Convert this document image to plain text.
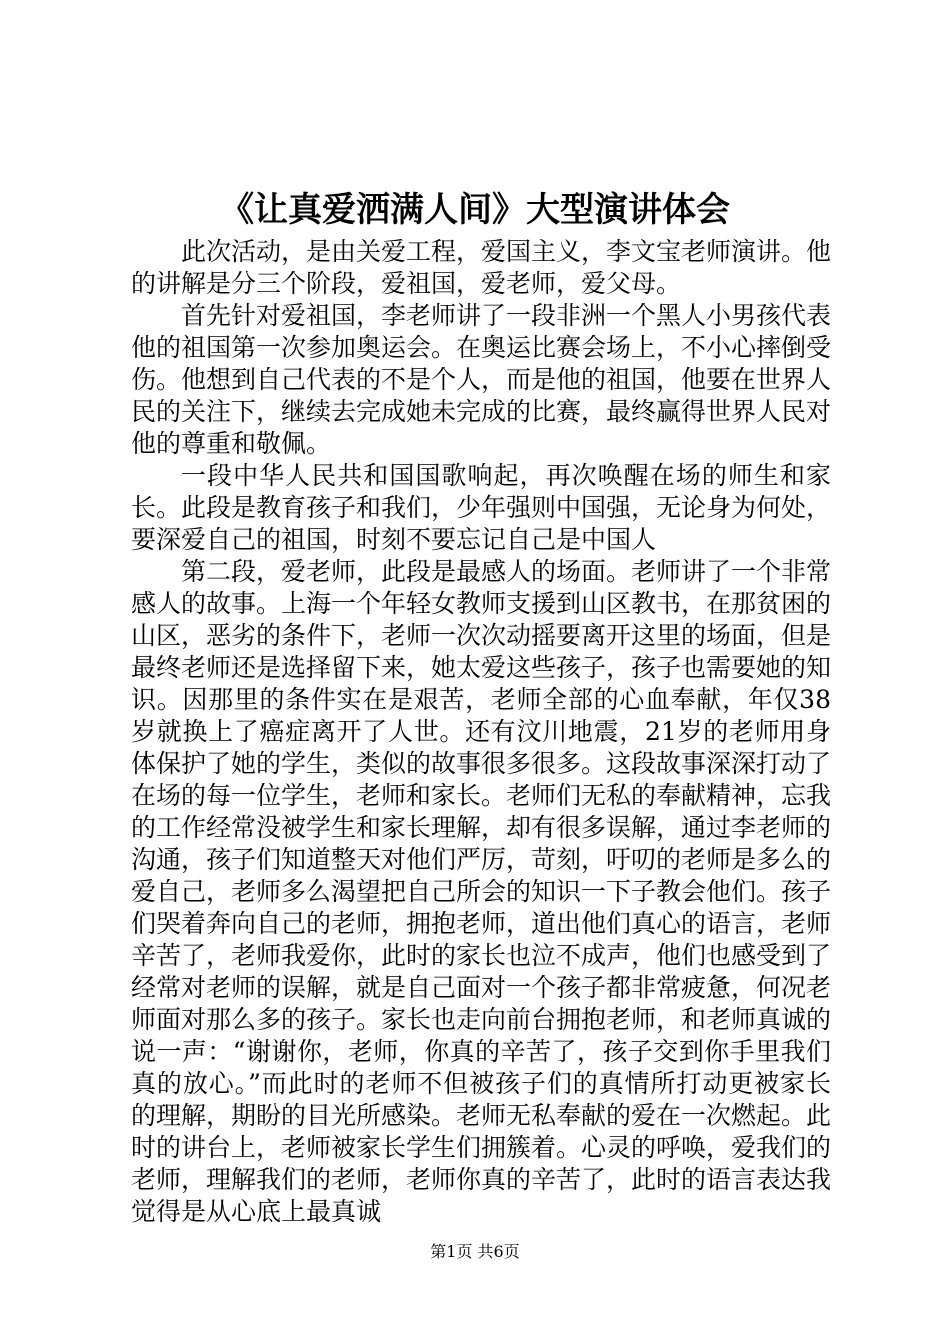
《让真爱洒满人间》大型演讲体会

此次活动，是由关爱工程，爱国主义，李文宝老师演讲。他的讲解是分三个阶段，爱祖国，爱老师，爱父母。

首先针对爱祖国，李老师讲了一段非洲一个黑人小男孩代表他的祖国第一次参加奥运会。在奥运比赛会场上，不小心摔倒受伤。他想到自己代表的不是个人，而是他的祖国，他要在世界人民的关注下，继续去完成她未完成的比赛，最终赢得世界人民对他的尊重和敬佩。

一段中华人民共和国国歌响起，再次唤醒在场的师生和家长。此段是教育孩子和我们，少年强则中国强，无论身为何处，要深爱自己的祖国，时刻不要忘记自己是中国人

第二段，爱老师，此段是最感人的场面。老师讲了一个非常感人的故事。上海一个年轻女教师支援到山区教书，在那贫困的山区，恶劣的条件下，老师一次次动摇要离开这里的场面，但是最终老师还是选择留下来，她太爱这些孩子，孩子也需要她的知识。因那里的条件实在是艰苦，老师全部的心血奉献，年仅38岁就换上了癌症离开了人世。还有汶川地震，21岁的老师用身体保护了她的学生，类似的故事很多很多。这段故事深深打动了在场的每一位学生，老师和家长。老师们无私的奉献精神，忘我的工作经常没被学生和家长理解，却有很多误解，通过李老师的沟通，孩子们知道整天对他们严厉，苛刻，吁叨的老师是多么的爱自己，老师多么渴望把自己所会的知识一下子教会他们。孩子们哭着奔向自己的老师，拥抱老师，道出他们真心的语言，老师辛苦了，老师我爱你，此时的家长也泣不成声，他们也感受到了经常对老师的误解，就是自己面对一个孩子都非常疲惫，何况老师面对那么多的孩子。家长也走向前台拥抱老师，和老师真诚的说一声：“谢谢你，老师，你真的辛苦了，孩子交到你手里我们真的放心。”而此时的老师不但被孩子们的真情所打动更被家长的理解，期盼的目光所感染。老师无私奉献的爱在一次燃起。此时的讲台上，老师被家长学生们拥簇着。心灵的呼唤，爱我们的老师，理解我们的老师，老师你真的辛苦了，此时的语言表达我觉得是从心底上最真诚

第1页 共6页
